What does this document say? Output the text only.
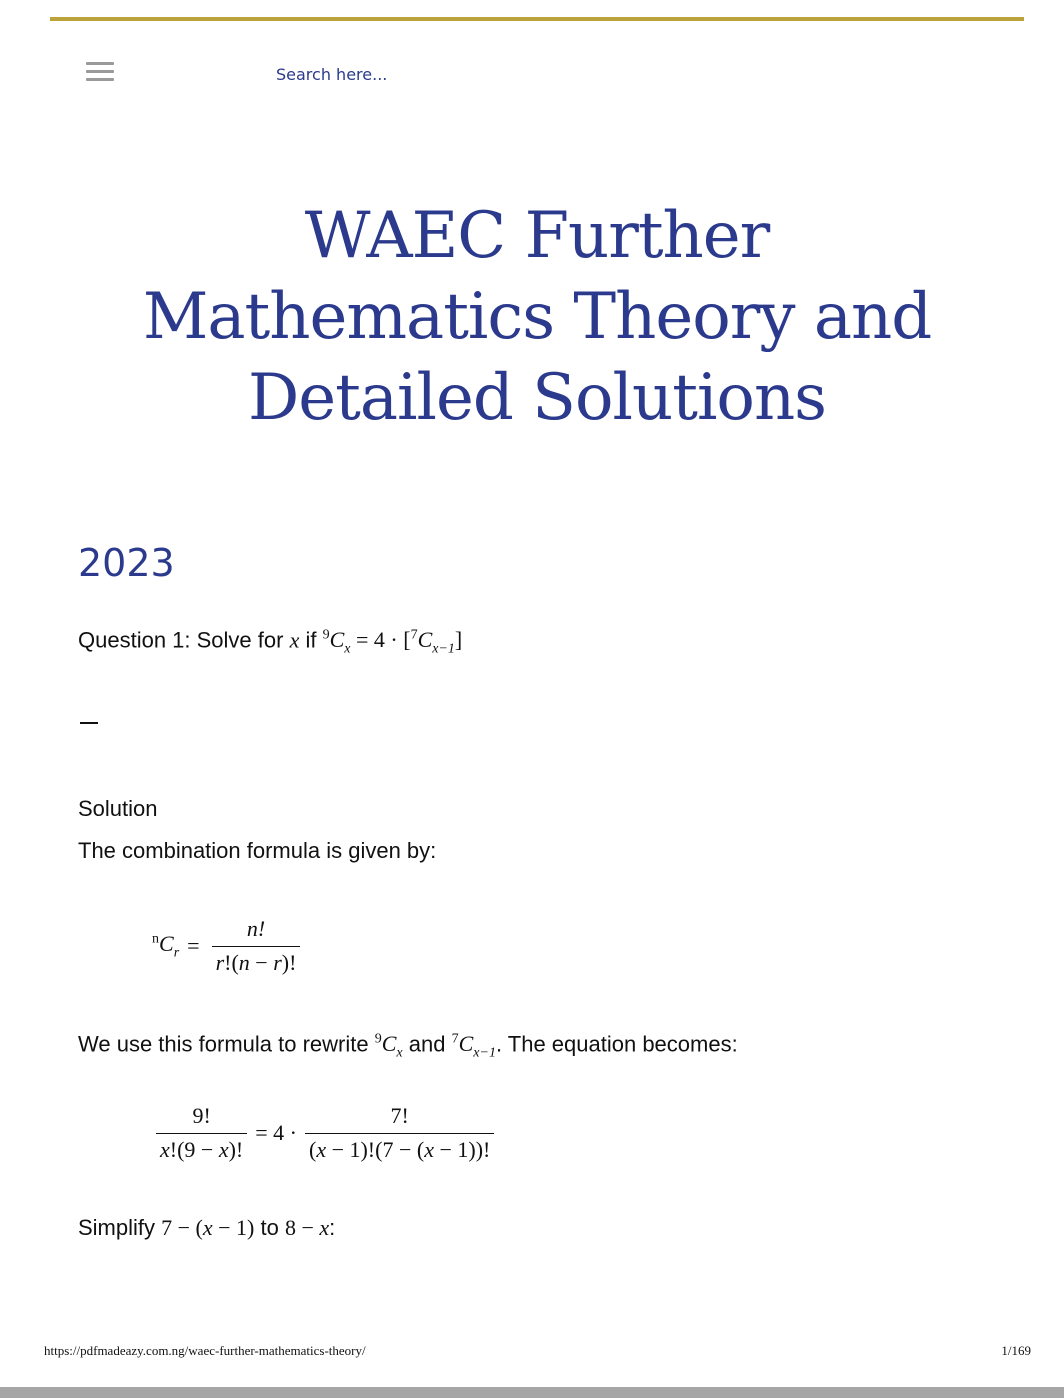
Search here...
WAEC Further Mathematics Theory and Detailed Solutions
2023

Question 1: Solve for x if $^9C_x = 4 \cdot [^7C_{x-1}]$

Solution

The combination formula is given by:

$^nC_r = \frac{n!}{r!(n - r)!}$

We use this formula to rewrite $^9C_x$ and $^7C_{x-1}$. The equation becomes:

$\frac{9!}{x!(9 - x)!} = 4 \cdot \frac{7!}{(x - 1)!(7 - (x - 1))!}$

Simplify 7 − (x − 1) to 8 − x:

https://pdfmadeazy.com.ng/waec-further-mathematics-theory/	1/169
